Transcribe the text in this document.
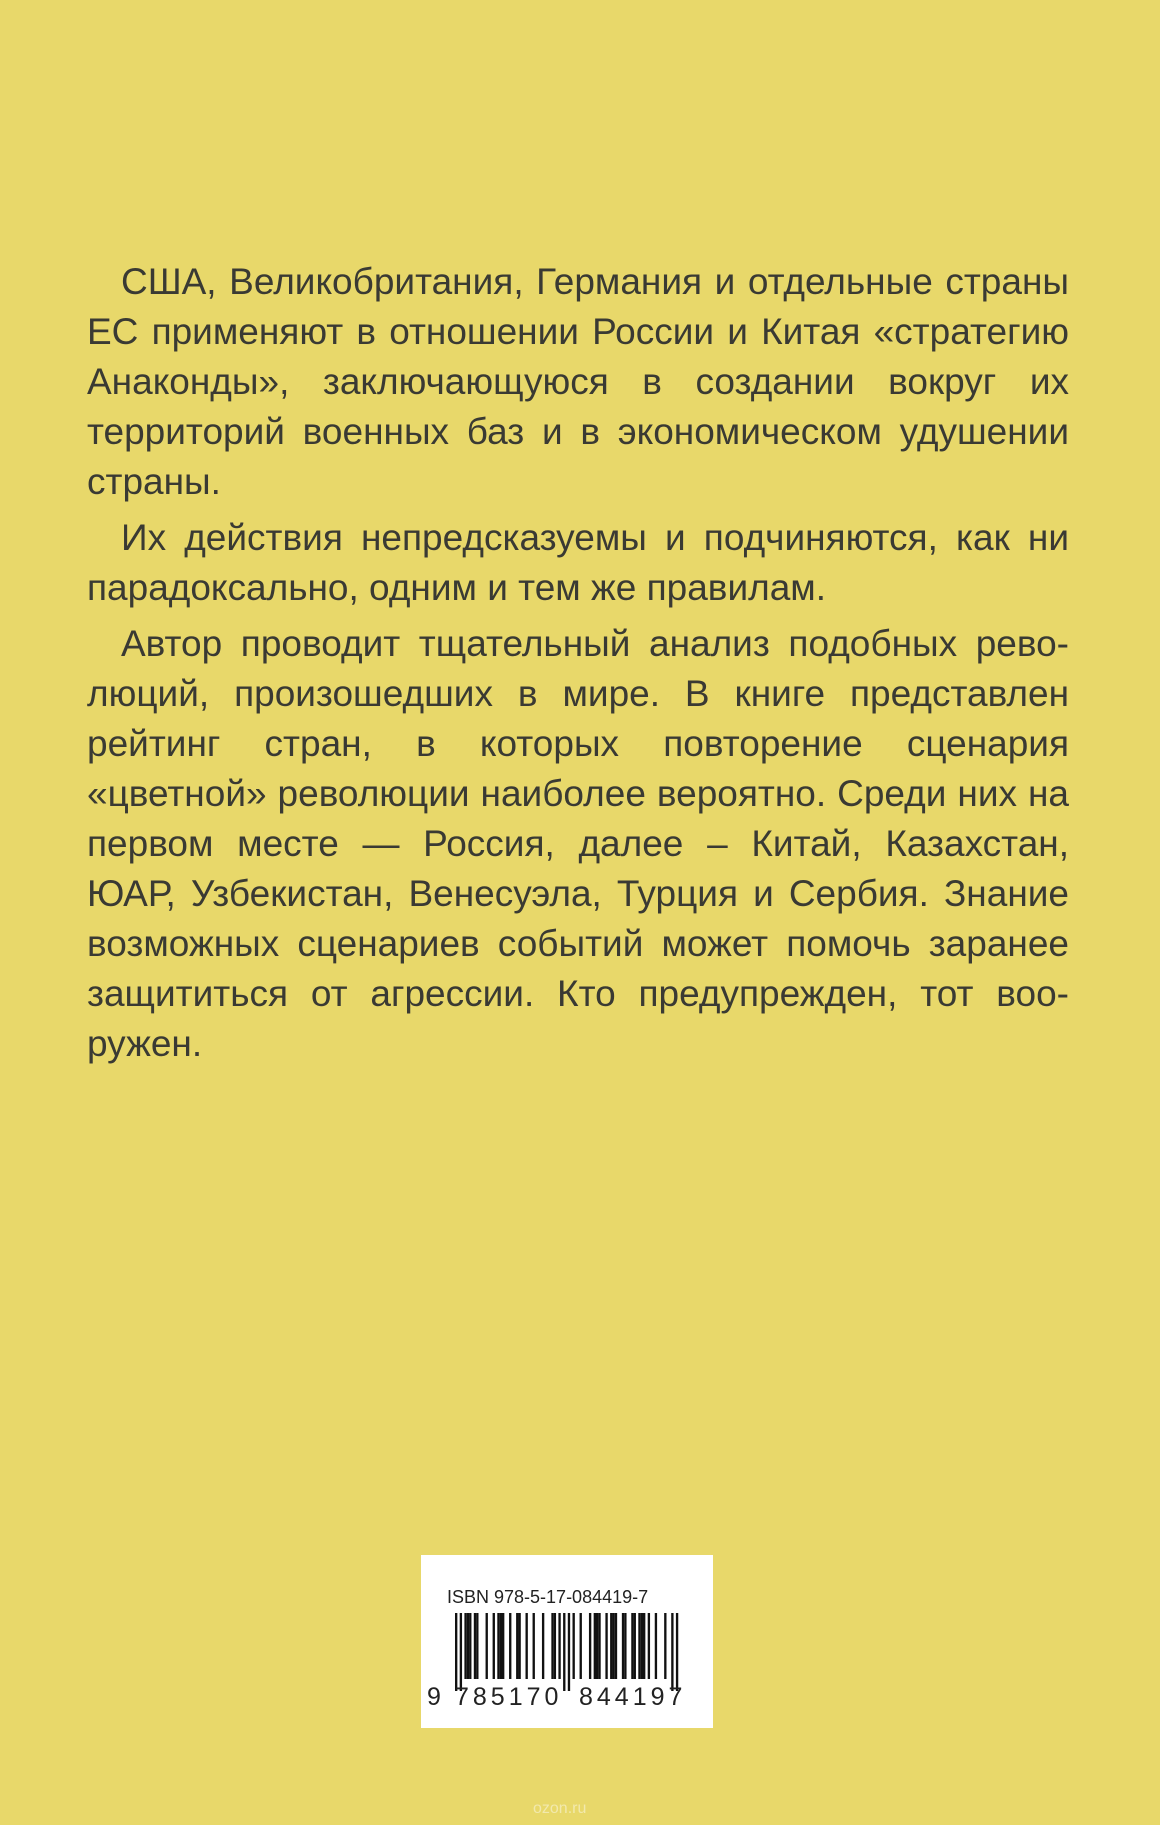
США, Великобритания, Германия и отдельные страны ЕС применяют в отношении России и Китая «стратегию Анаконды», заключающуюся в создании вокруг их территорий военных баз и в экономическом удушении страны.

Их действия непредсказуемы и подчиняются, как ни парадоксально, одним и тем же правилам.

Автор проводит тщательный анализ подобных революций, произошедших в мире. В книге представлен рейтинг стран, в которых повторение сценария «цветной» революции наиболее вероятно. Среди них на первом месте — Россия, далее – Китай, Казахстан, ЮАР, Узбекистан, Венесуэла, Турция и Сербия. Знание возможных сценариев событий может помочь заранее защититься от агрессии. Кто предупрежден, тот вооружен.

ISBN 978-5-17-084419-7
9 785170 844197
ozon.ru
